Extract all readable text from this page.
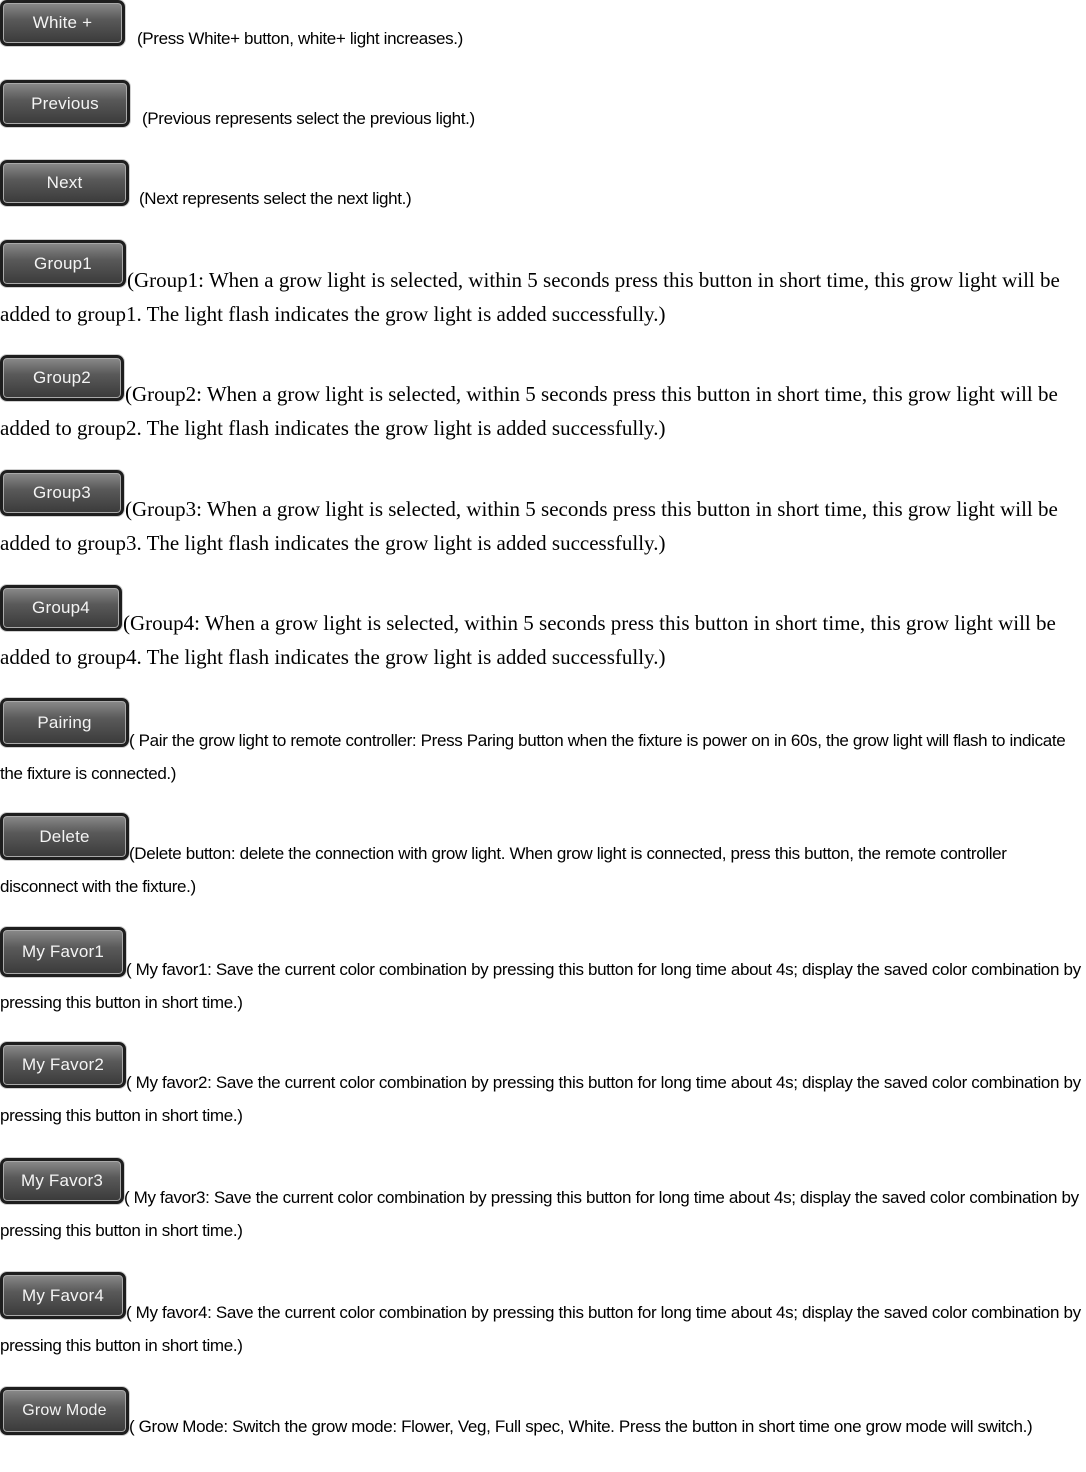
White +

(Press White+ button, white+ light increases.)

Previous

(Previous represents select the previous light.)

Next

(Next represents select the next light.)

Group1

(Group1: When a grow light is selected, within 5 seconds press this button in short time, this grow light will be added to group1. The light flash indicates the grow light is added successfully.)

Group2

(Group2: When a grow light is selected, within 5 seconds press this button in short time, this grow light will be added to group2. The light flash indicates the grow light is added successfully.)

Group3

(Group3: When a grow light is selected, within 5 seconds press this button in short time, this grow light will be added to group3. The light flash indicates the grow light is added successfully.)

Group4

(Group4: When a grow light is selected, within 5 seconds press this button in short time, this grow light will be added to group4. The light flash indicates the grow light is added successfully.)

Pairing

( Pair the grow light to remote controller: Press Paring button when the fixture is power on in 60s, the grow light will flash to indicate the fixture is connected.)

Delete

(Delete button: delete the connection with grow light. When grow light is connected, press this button, the remote controller disconnect with the fixture.)

My Favor1

( My favor1: Save the current color combination by pressing this button for long time about 4s; display the saved color combination by pressing this button in short time.)

My Favor2

( My favor2: Save the current color combination by pressing this button for long time about 4s; display the saved color combination by pressing this button in short time.)

My Favor3

( My favor3: Save the current color combination by pressing this button for long time about 4s; display the saved color combination by pressing this button in short time.)

My Favor4

( My favor4: Save the current color combination by pressing this button for long time about 4s; display the saved color combination by pressing this button in short time.)

Grow Mode

( Grow Mode: Switch the grow mode: Flower, Veg, Full spec, White. Press the button in short time one grow mode will switch.)
